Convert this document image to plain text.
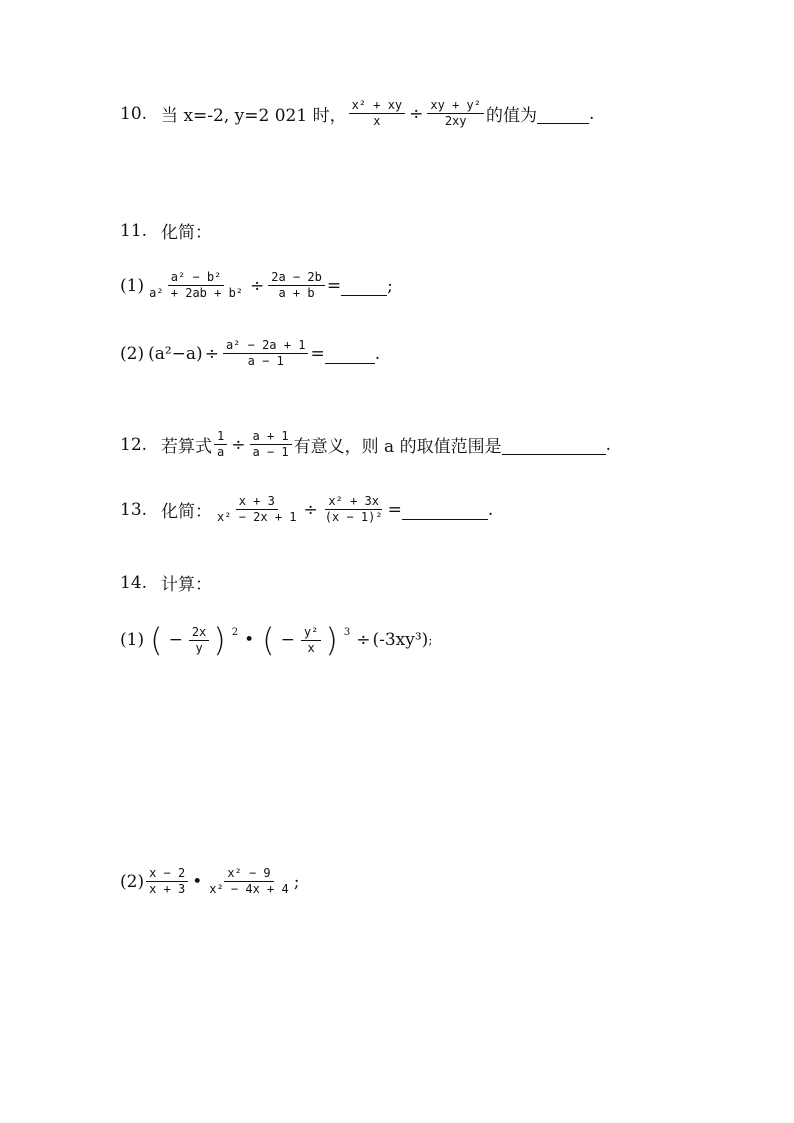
10. 当 x=-2, y=2 021 时， $\frac{\text{x² + xy}}{x} \div \frac{\text{xy + y²}}{2xy}$ 的值为	.
11. 化简：
$(1) \frac{\text{a² − b²}}{\text{a² + 2ab + b²}} \div \frac{2a - 2b}{a + b}$ =	;
(2) $(a^2-a) \div \frac{\text{a² − 2a + 1}}{a - 1}$ =	.
12. 若算式 $\frac{1}{a} \div \frac{a + 1}{a - 1}$ 有意义，则 a 的取值范围是	.
13. 化简： $\frac{x + 3}{\text{x² − 2x + 1}} \div \frac{\text{x² + 3x}}{\text{(x − 1)²}}$ =	.
14. 计算：
(1) ( − $\frac{2x}{y}$ ) 2 • ( − $\frac{\text{y²}}{x}$ ) 3 ÷ (-3xy³) ;
$(2) \frac{x - 2}{x + 3}$ • $\frac{\text{x² − 9}}{\text{x² − 4x + 4}}$ ;
